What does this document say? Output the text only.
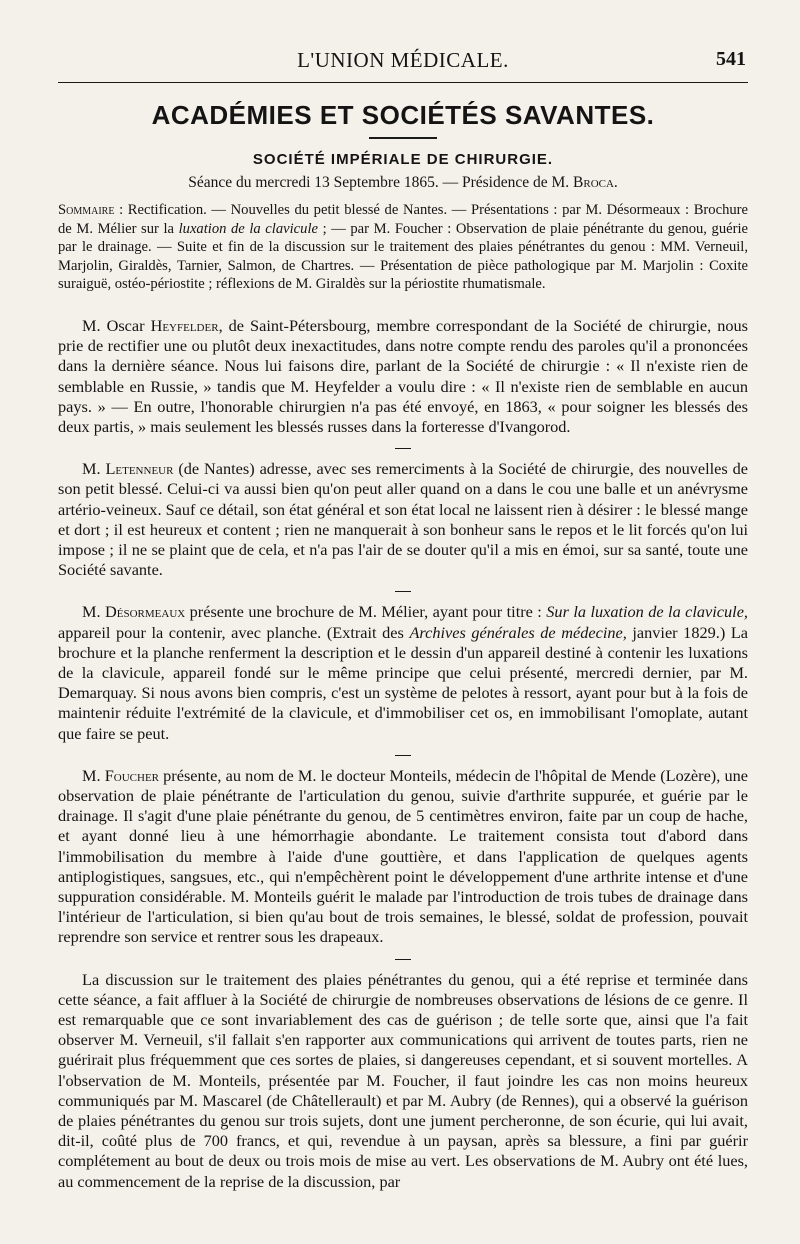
L'UNION MÉDICALE.	541
ACADÉMIES ET SOCIÉTÉS SAVANTES.
SOCIÉTÉ IMPÉRIALE DE CHIRURGIE.
Séance du mercredi 13 Septembre 1865. — Présidence de M. Broca.
Sommaire : Rectification. — Nouvelles du petit blessé de Nantes. — Présentations : par M. Désormeaux : Brochure de M. Mélier sur la luxation de la clavicule ; — par M. Foucher : Observation de plaie pénétrante du genou, guérie par le drainage. — Suite et fin de la discussion sur le traitement des plaies pénétrantes du genou : MM. Verneuil, Marjolin, Giraldès, Tarnier, Salmon, de Chartres. — Présentation de pièce pathologique par M. Marjolin : Coxite suraiguë, ostéo-périostite ; réflexions de M. Giraldès sur la périostite rhumatismale.

M. Oscar Heyfelder, de Saint-Pétersbourg, membre correspondant de la Société de chirurgie, nous prie de rectifier une ou plutôt deux inexactitudes, dans notre compte rendu des paroles qu'il a prononcées dans la dernière séance. Nous lui faisons dire, parlant de la Société de chirurgie : « Il n'existe rien de semblable en Russie, » tandis que M. Heyfelder a voulu dire : « Il n'existe rien de semblable en aucun pays. » — En outre, l'honorable chirurgien n'a pas été envoyé, en 1863, « pour soigner les blessés des deux partis, » mais seulement les blessés russes dans la forteresse d'Ivangorod.

M. Letenneur (de Nantes) adresse, avec ses remerciments à la Société de chirurgie, des nouvelles de son petit blessé. Celui-ci va aussi bien qu'on peut aller quand on a dans le cou une balle et un anévrysme artério-veineux. Sauf ce détail, son état général et son état local ne laissent rien à désirer : le blessé mange et dort ; il est heureux et content ; rien ne manquerait à son bonheur sans le repos et le lit forcés qu'on lui impose ; il ne se plaint que de cela, et n'a pas l'air de se douter qu'il a mis en émoi, sur sa santé, toute une Société savante.

M. Désormeaux présente une brochure de M. Mélier, ayant pour titre : Sur la luxation de la clavicule, appareil pour la contenir, avec planche. (Extrait des Archives générales de médecine, janvier 1829.) La brochure et la planche renferment la description et le dessin d'un appareil destiné à contenir les luxations de la clavicule, appareil fondé sur le même principe que celui présenté, mercredi dernier, par M. Demarquay. Si nous avons bien compris, c'est un système de pelotes à ressort, ayant pour but à la fois de maintenir réduite l'extrémité de la clavicule, et d'immobiliser cet os, en immobilisant l'omoplate, autant que faire se peut.

M. Foucher présente, au nom de M. le docteur Monteils, médecin de l'hôpital de Mende (Lozère), une observation de plaie pénétrante de l'articulation du genou, suivie d'arthrite suppurée, et guérie par le drainage. Il s'agit d'une plaie pénétrante du genou, de 5 centimètres environ, faite par un coup de hache, et ayant donné lieu à une hémorrhagie abondante. Le traitement consista tout d'abord dans l'immobilisation du membre à l'aide d'une gouttière, et dans l'application de quelques agents antiplogistiques, sangsues, etc., qui n'empêchèrent point le développement d'une arthrite intense et d'une suppuration considérable. M. Monteils guérit le malade par l'introduction de trois tubes de drainage dans l'intérieur de l'articulation, si bien qu'au bout de trois semaines, le blessé, soldat de profession, pouvait reprendre son service et rentrer sous les drapeaux.

La discussion sur le traitement des plaies pénétrantes du genou, qui a été reprise et terminée dans cette séance, a fait affluer à la Société de chirurgie de nombreuses observations de lésions de ce genre. Il est remarquable que ce sont invariablement des cas de guérison ; de telle sorte que, ainsi que l'a fait observer M. Verneuil, s'il fallait s'en rapporter aux communications qui arrivent de toutes parts, rien ne guérirait plus fréquemment que ces sortes de plaies, si dangereuses cependant, et si souvent mortelles. A l'observation de M. Monteils, présentée par M. Foucher, il faut joindre les cas non moins heureux communiqués par M. Mascarel (de Châtellerault) et par M. Aubry (de Rennes), qui a observé la guérison de plaies pénétrantes du genou sur trois sujets, dont une jument percheronne, de son écurie, qui lui avait, dit-il, coûté plus de 700 francs, et qui, revendue à un paysan, après sa blessure, a fini par guérir complétement au bout de deux ou trois mois de mise au vert. Les observations de M. Aubry ont été lues, au commencement de la reprise de la discussion, par
